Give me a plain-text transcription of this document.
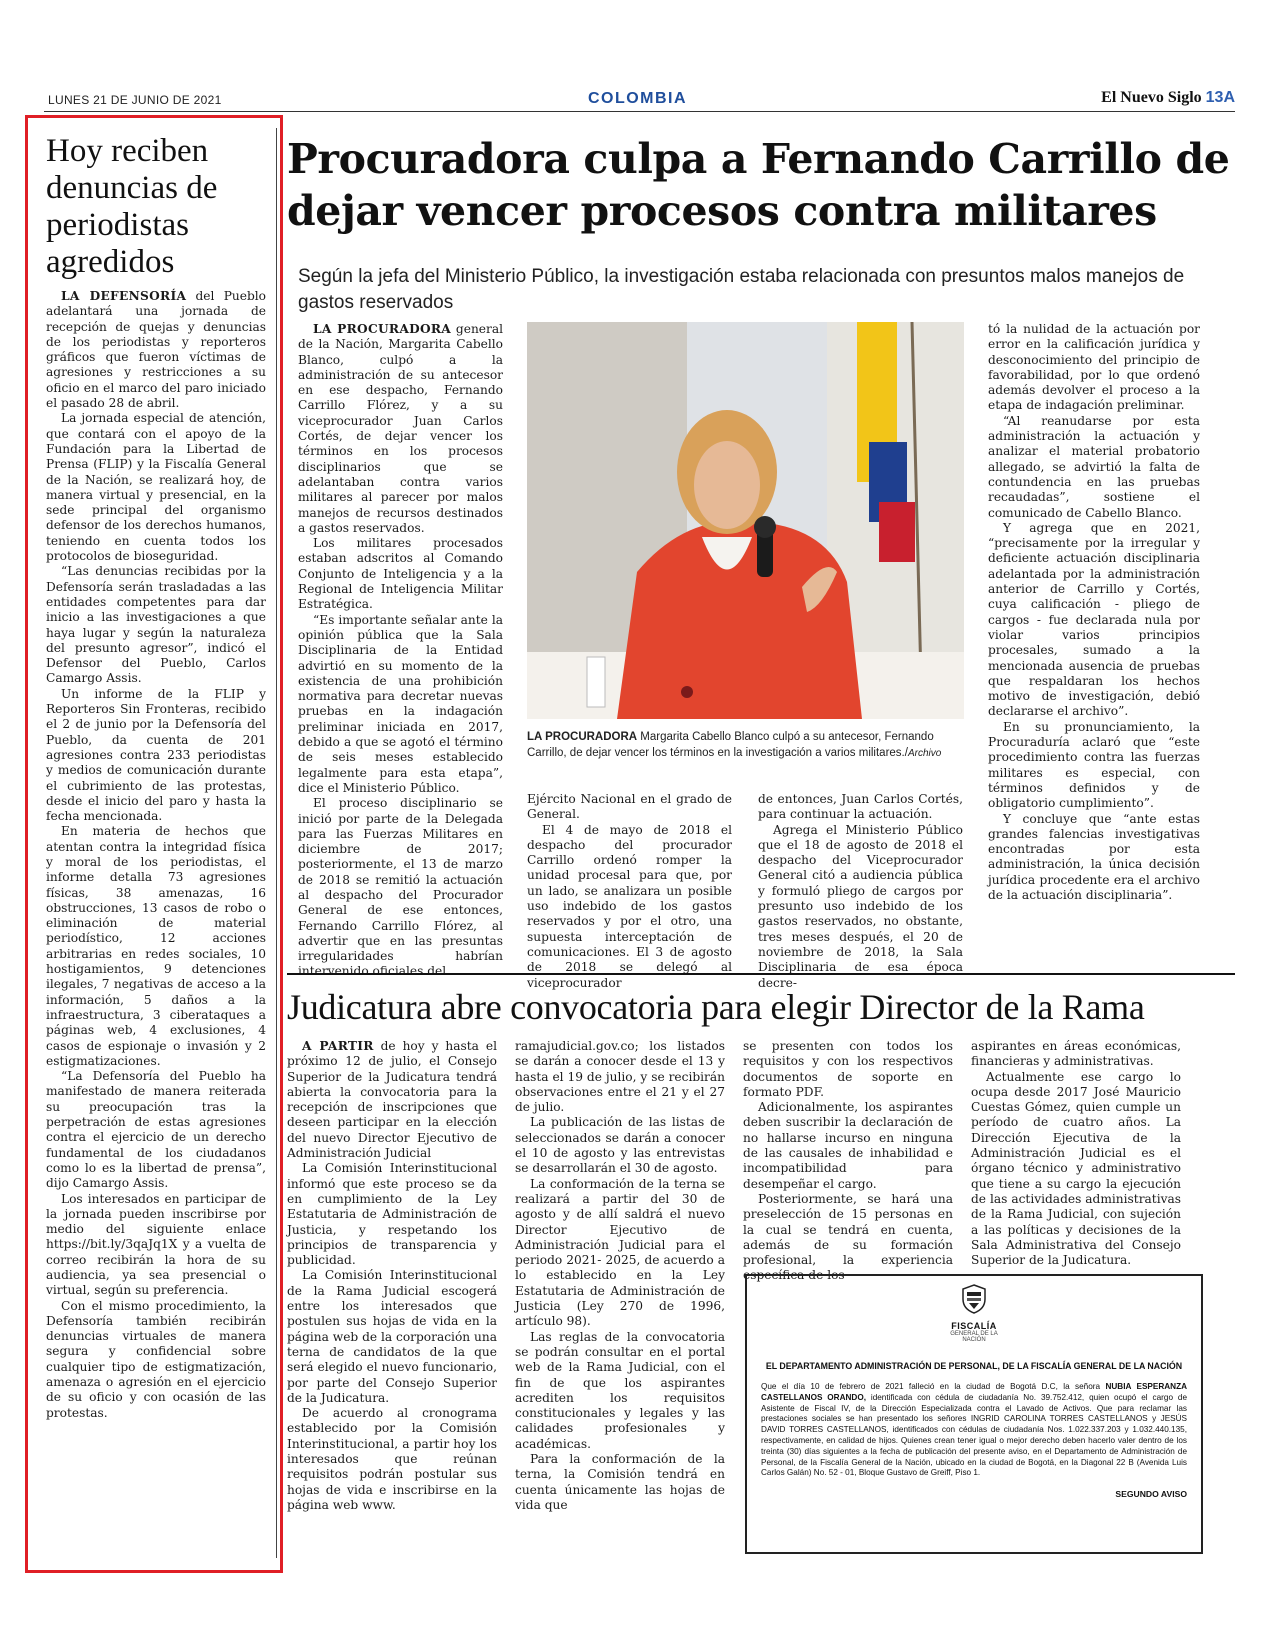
LUNES 21 DE JUNIO DE 2021	COLOMBIA	El Nuevo Siglo 13A
Hoy reciben denuncias de periodistas agredidos

LA DEFENSORÍA del Pueblo adelantará una jornada de recepción de quejas y denuncias de los periodistas y reporteros gráficos que fueron víctimas de agresiones y restricciones a su oficio en el marco del paro iniciado el pasado 28 de abril.

La jornada especial de atención, que contará con el apoyo de la Fundación para la Libertad de Prensa (FLIP) y la Fiscalía General de la Nación, se realizará hoy, de manera virtual y presencial, en la sede principal del organismo defensor de los derechos humanos, teniendo en cuenta todos los protocolos de bioseguridad.

“Las denuncias recibidas por la Defensoría serán trasladadas a las entidades competentes para dar inicio a las investigaciones a que haya lugar y según la naturaleza del presunto agresor”, indicó el Defensor del Pueblo, Carlos Camargo Assis.

Un informe de la FLIP y Reporteros Sin Fronteras, recibido el 2 de junio por la Defensoría del Pueblo, da cuenta de 201 agresiones contra 233 periodistas y medios de comunicación durante el cubrimiento de las protestas, desde el inicio del paro y hasta la fecha mencionada.

En materia de hechos que atentan contra la integridad física y moral de los periodistas, el informe detalla 73 agresiones físicas, 38 amenazas, 16 obstrucciones, 13 casos de robo o eliminación de material periodístico, 12 acciones arbitrarias en redes sociales, 10 hostigamientos, 9 detenciones ilegales, 7 negativas de acceso a la información, 5 daños a la infraestructura, 3 ciberataques a páginas web, 4 exclusiones, 4 casos de espionaje o invasión y 2 estigmatizaciones.

“La Defensoría del Pueblo ha manifestado de manera reiterada su preocupación tras la perpetración de estas agresiones contra el ejercicio de un derecho fundamental de los ciudadanos como lo es la libertad de prensa”, dijo Camargo Assis.

Los interesados en participar de la jornada pueden inscribirse por medio del siguiente enlace https://bit.ly/3qaJq1X y a vuelta de correo recibirán la hora de su audiencia, ya sea presencial o virtual, según su preferencia.

Con el mismo procedimiento, la Defensoría también recibirán denuncias virtuales de manera segura y confidencial sobre cualquier tipo de estigmatización, amenaza o agresión en el ejercicio de su oficio y con ocasión de las protestas.

Procuradora culpa a Fernando Carrillo de dejar vencer procesos contra militares
Según la jefa del Ministerio Público, la investigación estaba relacionada con presuntos malos manejos de gastos reservados

LA PROCURADORA general de la Nación, Margarita Cabello Blanco, culpó a la administración de su antecesor en ese despacho, Fernando Carrillo Flórez, y a su viceprocurador Juan Carlos Cortés, de dejar vencer los términos en los procesos disciplinarios que se adelantaban contra varios militares al parecer por malos manejos de recursos destinados a gastos reservados.

Los militares procesados estaban adscritos al Comando Conjunto de Inteligencia y a la Regional de Inteligencia Militar Estratégica.

“Es importante señalar ante la opinión pública que la Sala Disciplinaria de la Entidad advirtió en su momento de la existencia de una prohibición normativa para decretar nuevas pruebas en la indagación preliminar iniciada en 2017, debido a que se agotó el término de seis meses establecido legalmente para esta etapa”, dice el Ministerio Público.

El proceso disciplinario se inició por parte de la Delegada para las Fuerzas Militares en diciembre de 2017; posteriormente, el 13 de marzo de 2018 se remitió la actuación al despacho del Procurador General de ese entonces, Fernando Carrillo Flórez, al advertir que en las presuntas irregularidades habrían intervenido oficiales del

LA PROCURADORA Margarita Cabello Blanco culpó a su antecesor, Fernando Carrillo, de dejar vencer los términos en la investigación a varios militares./Archivo

Ejército Nacional en el grado de General.

El 4 de mayo de 2018 el despacho del procurador Carrillo ordenó romper la unidad procesal para que, por un lado, se analizara un posible uso indebido de los gastos reservados y por el otro, una supuesta interceptación de comunicaciones. El 3 de agosto de 2018 se delegó al viceprocurador

de entonces, Juan Carlos Cortés, para continuar la actuación.

Agrega el Ministerio Público que el 18 de agosto de 2018 el despacho del Viceprocurador General citó a audiencia pública y formuló pliego de cargos por presunto uso indebido de los gastos reservados, no obstante, tres meses después, el 20 de noviembre de 2018, la Sala Disciplinaria de esa época decre-

tó la nulidad de la actuación por error en la calificación jurídica y desconocimiento del principio de favorabilidad, por lo que ordenó además devolver el proceso a la etapa de indagación preliminar.

“Al reanudarse por esta administración la actuación y analizar el material probatorio allegado, se advirtió la falta de contundencia en las pruebas recaudadas”, sostiene el comunicado de Cabello Blanco.

Y agrega que en 2021, “precisamente por la irregular y deficiente actuación disciplinaria adelantada por la administración anterior de Carrillo y Cortés, cuya calificación - pliego de cargos - fue declarada nula por violar varios principios procesales, sumado a la mencionada ausencia de pruebas que respaldaran los hechos motivo de investigación, debió declararse el archivo”.

En su pronunciamiento, la Procuraduría aclaró que “este procedimiento contra las fuerzas militares es especial, con términos definidos y de obligatorio cumplimiento”.

Y concluye que “ante estas grandes falencias investigativas encontradas por esta administración, la única decisión jurídica procedente era el archivo de la actuación disciplinaria”.

Judicatura abre convocatoria para elegir Director de la Rama

A PARTIR de hoy y hasta el próximo 12 de julio, el Consejo Superior de la Judicatura tendrá abierta la convocatoria para la recepción de inscripciones que deseen participar en la elección del nuevo Director Ejecutivo de Administración Judicial

La Comisión Interinstitucional informó que este proceso se da en cumplimiento de la Ley Estatutaria de Administración de Justicia, y respetando los principios de transparencia y publicidad.

La Comisión Interinstitucional de la Rama Judicial escogerá entre los interesados que postulen sus hojas de vida en la página web de la corporación una terna de candidatos de la que será elegido el nuevo funcionario, por parte del Consejo Superior de la Judicatura.

De acuerdo al cronograma establecido por la Comisión Interinstitucional, a partir hoy los interesados que reúnan requisitos podrán postular sus hojas de vida e inscribirse en la página web www.

ramajudicial.gov.co; los listados se darán a conocer desde el 13 y hasta el 19 de julio, y se recibirán observaciones entre el 21 y el 27 de julio.

La publicación de las listas de seleccionados se darán a conocer el 10 de agosto y las entrevistas se desarrollarán el 30 de agosto.

La conformación de la terna se realizará a partir del 30 de agosto y de allí saldrá el nuevo Director Ejecutivo de Administración Judicial para el periodo 2021- 2025, de acuerdo a lo establecido en la Ley Estatutaria de Administración de Justicia (Ley 270 de 1996, artículo 98).

Las reglas de la convocatoria se podrán consultar en el portal web de la Rama Judicial, con el fin de que los aspirantes acrediten los requisitos constitucionales y legales y las calidades profesionales y académicas.

Para la conformación de la terna, la Comisión tendrá en cuenta únicamente las hojas de vida que

se presenten con todos los requisitos y con los respectivos documentos de soporte en formato PDF.

Adicionalmente, los aspirantes deben suscribir la declaración de no hallarse incurso en ninguna de las causales de inhabilidad e incompatibilidad para desempeñar el cargo.

Posteriormente, se hará una preselección de 15 personas en la cual se tendrá en cuenta, además de su formación profesional, la experiencia específica de los

aspirantes en áreas económicas, financieras y administrativas.

Actualmente ese cargo lo ocupa desde 2017 José Mauricio Cuestas Gómez, quien cumple un período de cuatro años. La Dirección Ejecutiva de la Administración Judicial es el órgano técnico y administrativo que tiene a su cargo la ejecución de las actividades administrativas de la Rama Judicial, con sujeción a las políticas y decisiones de la Sala Administrativa del Consejo Superior de la Judicatura.

FISCALÍA
GENERAL DE LA NACIÓN
EL DEPARTAMENTO ADMINISTRACIÓN DE PERSONAL, DE LA FISCALÍA GENERAL DE LA NACIÓN
Que el día 10 de febrero de 2021 falleció en la ciudad de Bogotá D.C, la señora NUBIA ESPERANZA CASTELLANOS ORANDO, identificada con cédula de ciudadanía No. 39.752.412, quien ocupó el cargo de Asistente de Fiscal IV, de la Dirección Especializada contra el Lavado de Activos. Que para reclamar las prestaciones sociales se han presentado los señores INGRID CAROLINA TORRES CASTELLANOS y JESÚS DAVID TORRES CASTELLANOS, identificados con cédulas de ciudadanía Nos. 1.022.337.203 y 1.032.440.135, respectivamente, en calidad de hijos. Quienes crean tener igual o mejor derecho deben hacerlo valer dentro de los treinta (30) días siguientes a la fecha de publicación del presente aviso, en el Departamento de Administración de Personal, de la Fiscalía General de la Nación, ubicado en la ciudad de Bogotá, en la Diagonal 22 B (Avenida Luis Carlos Galán) No. 52 - 01, Bloque Gustavo de Greiff, Piso 1.
SEGUNDO AVISO
